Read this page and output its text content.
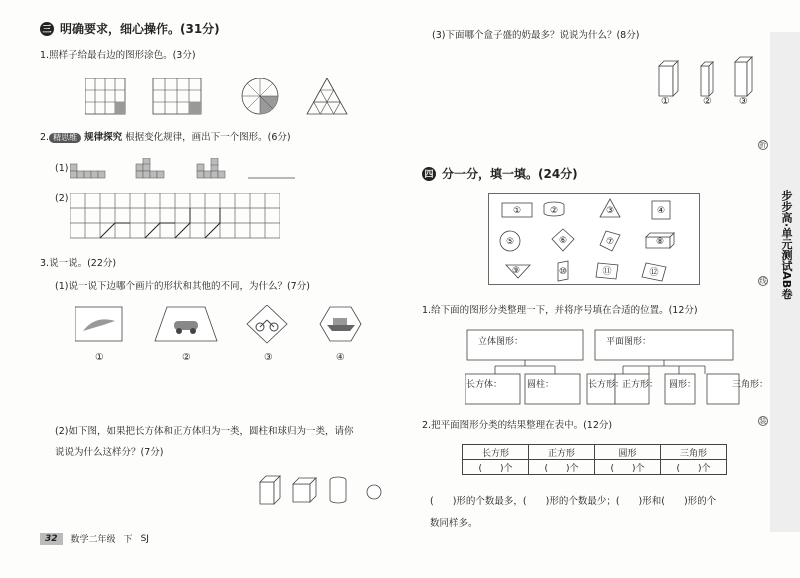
三 明确要求，细心操作。(31分)
1.照样子给最右边的图形涂色。(3分)
2. 精思维 规律探究 根据变化规律，画出下一个图形。(6分)
(1)
(2)
3.说一说。(22分)
(1)说一说下边哪个画片的形状和其他的不同，为什么？(7分)
①	②	③	④
(2)如下图，如果把长方体和正方体归为一类，圆柱和球归为一类，请你
说说为什么这样分？(7分)
32	数学二年级 下 SJ
(3)下面哪个盒子盛的奶最多？说说为什么？(8分)
①	②	③
四 分一分，填一填。(24分)
①	②	③	④
⑤	⑥	⑦	⑧
⑨	⑩	⑪	⑫
1.给下面的图形分类整理一下，并将序号填在合适的位置。(12分)
立体图形：	平面图形：
长方体：	圆柱：	长方形：
正方形： 圆形：	三角形：
2.把平面图形分类的结果整理在表中。(12分)
长方形	正方形	圆形	三角形
(　　)个	(　　)个	(　　)个	(　　)个
(　　)形的个数最多，(　　)形的个数最少；(　　)形和(　　)形的个
数同样多。
步步高·单元测试AB卷
折
线
装
